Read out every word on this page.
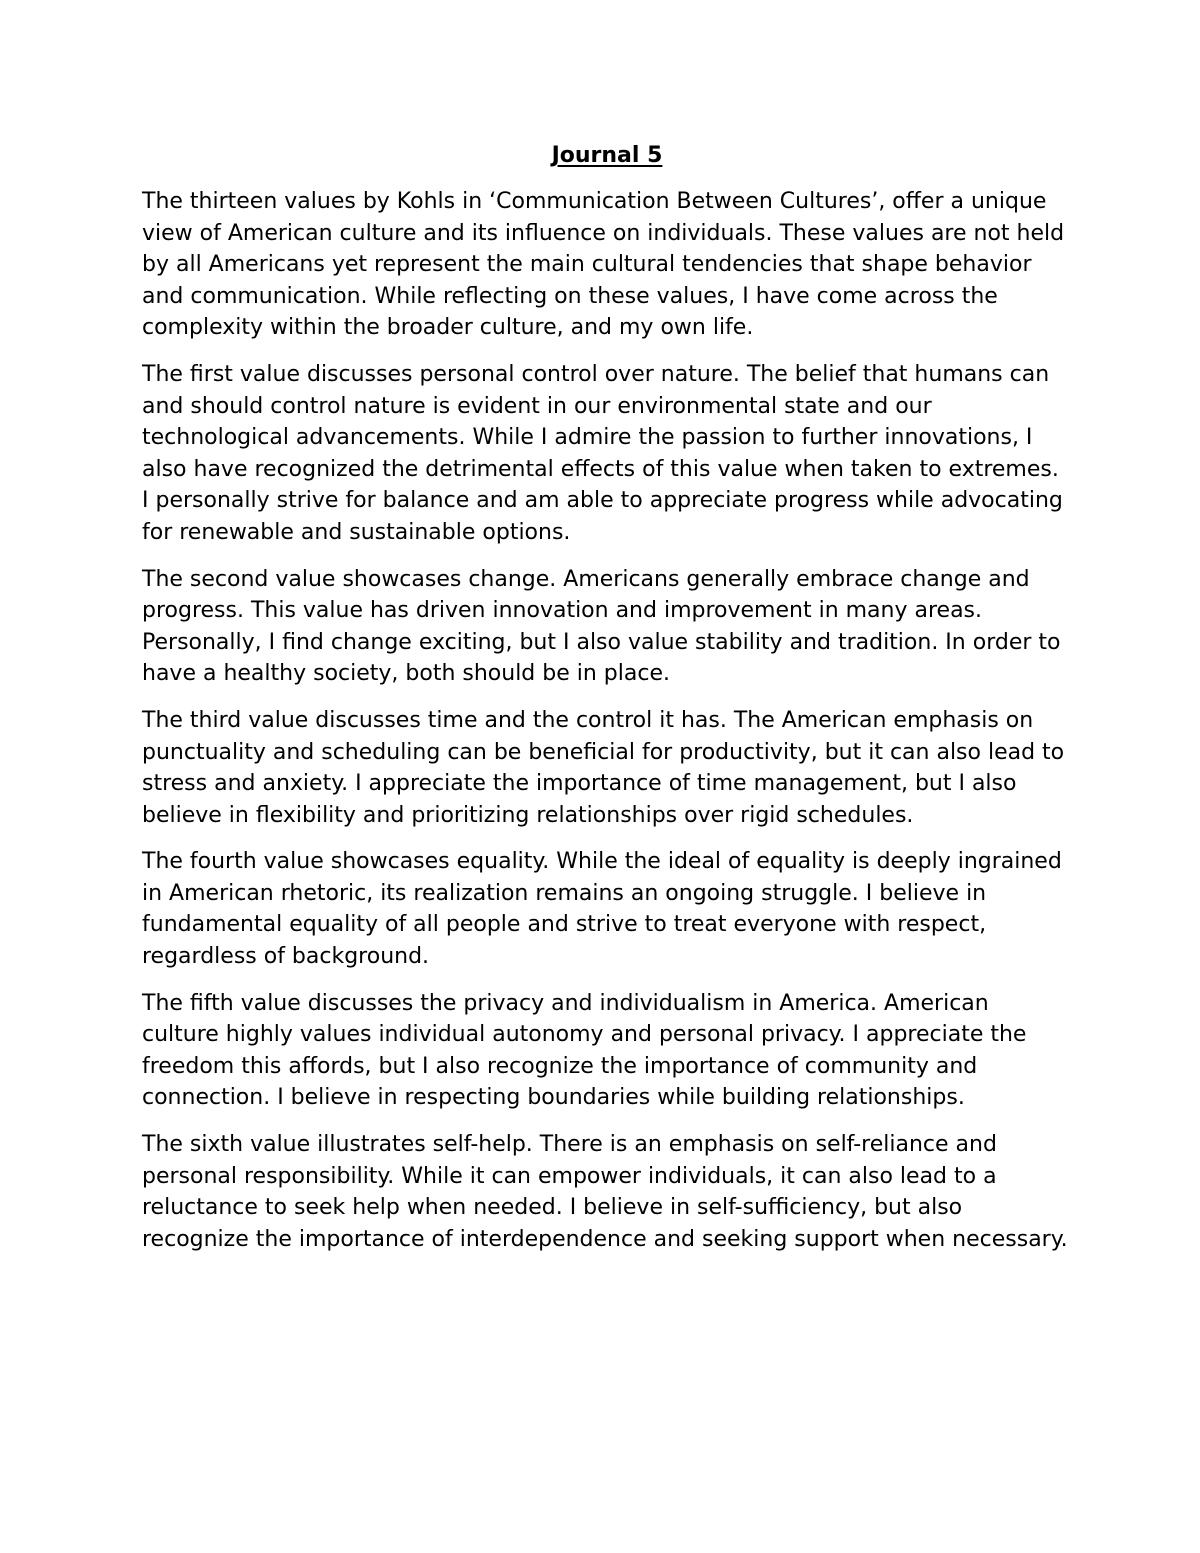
Journal 5

The thirteen values by Kohls in ‘Communication Between Cultures’, offer a unique view of American culture and its influence on individuals. These values are not held by all Americans yet represent the main cultural tendencies that shape behavior and communication. While reflecting on these values, I have come across the complexity within the broader culture, and my own life.

The first value discusses personal control over nature. The belief that humans can and should control nature is evident in our environmental state and our technological advancements. While I admire the passion to further innovations, I also have recognized the detrimental effects of this value when taken to extremes. I personally strive for balance and am able to appreciate progress while advocating for renewable and sustainable options.

The second value showcases change. Americans generally embrace change and progress. This value has driven innovation and improvement in many areas. Personally, I find change exciting, but I also value stability and tradition. In order to have a healthy society, both should be in place.

The third value discusses time and the control it has. The American emphasis on punctuality and scheduling can be beneficial for productivity, but it can also lead to stress and anxiety. I appreciate the importance of time management, but I also believe in flexibility and prioritizing relationships over rigid schedules.

The fourth value showcases equality. While the ideal of equality is deeply ingrained in American rhetoric, its realization remains an ongoing struggle. I believe in fundamental equality of all people and strive to treat everyone with respect, regardless of background.

The fifth value discusses the privacy and individualism in America. American culture highly values individual autonomy and personal privacy. I appreciate the freedom this affords, but I also recognize the importance of community and connection. I believe in respecting boundaries while building relationships.

The sixth value illustrates self-help. There is an emphasis on self-reliance and personal responsibility. While it can empower individuals, it can also lead to a reluctance to seek help when needed. I believe in self-sufficiency, but also recognize the importance of interdependence and seeking support when necessary.
